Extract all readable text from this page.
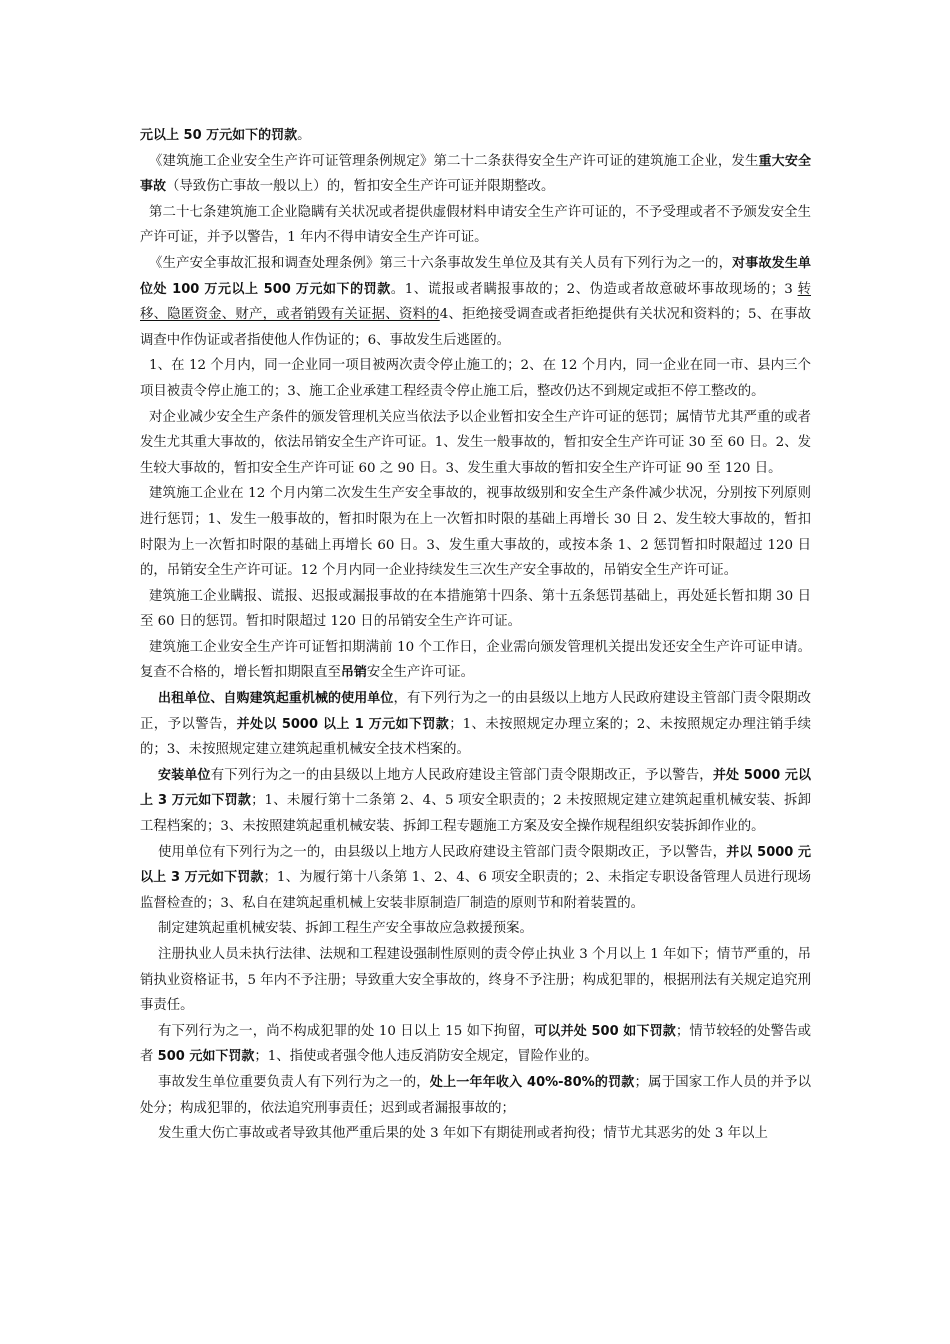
元以上 50 万元如下的罚款。

《建筑施工企业安全生产许可证管理条例规定》第二十二条获得安全生产许可证的建筑施工企业，发生重大安全事故（导致伤亡事故一般以上）的，暂扣安全生产许可证并限期整改。

第二十七条建筑施工企业隐瞒有关状况或者提供虚假材料申请安全生产许可证的，不予受理或者不予颁发安全生产许可证，并予以警告，1 年内不得申请安全生产许可证。

《生产安全事故汇报和调查处理条例》第三十六条事故发生单位及其有关人员有下列行为之一的，对事故发生单位处 100 万元以上 500 万元如下的罚款。1、谎报或者瞒报事故的；2、伪造或者故意破坏事故现场的；3 转移、隐匿资金、财产，或者销毁有关证据、资料的4、拒绝接受调查或者拒绝提供有关状况和资料的；5、在事故调查中作伪证或者指使他人作伪证的；6、事故发生后逃匿的。

1、在 12 个月内，同一企业同一项目被两次责令停止施工的；2、在 12 个月内，同一企业在同一市、县内三个项目被责令停止施工的；3、施工企业承建工程经责令停止施工后，整改仍达不到规定或拒不停工整改的。

对企业减少安全生产条件的颁发管理机关应当依法予以企业暂扣安全生产许可证的惩罚；属情节尤其严重的或者发生尤其重大事故的，依法吊销安全生产许可证。1、发生一般事故的，暂扣安全生产许可证 30 至 60 日。2、发生较大事故的，暂扣安全生产许可证 60 之 90 日。3、发生重大事故的暂扣安全生产许可证 90 至 120 日。

建筑施工企业在 12 个月内第二次发生生产安全事故的，视事故级别和安全生产条件减少状况，分别按下列原则进行惩罚；1、发生一般事故的，暂扣时限为在上一次暂扣时限的基础上再增长 30 日 2、发生较大事故的，暂扣时限为上一次暂扣时限的基础上再增长 60 日。3、发生重大事故的，或按本条 1、2 惩罚暂扣时限超过 120 日的，吊销安全生产许可证。12 个月内同一企业持续发生三次生产安全事故的，吊销安全生产许可证。

建筑施工企业瞒报、谎报、迟报或漏报事故的在本措施第十四条、第十五条惩罚基础上，再处延长暂扣期 30 日至 60 日的惩罚。暂扣时限超过 120 日的吊销安全生产许可证。

建筑施工企业安全生产许可证暂扣期满前 10 个工作日，企业需向颁发管理机关提出发还安全生产许可证申请。复查不合格的，增长暂扣期限直至吊销安全生产许可证。

出租单位、自购建筑起重机械的使用单位，有下列行为之一的由县级以上地方人民政府建设主管部门责令限期改正，予以警告，并处以 5000 以上 1 万元如下罚款；1、未按照规定办理立案的；2、未按照规定办理注销手续的；3、未按照规定建立建筑起重机械安全技术档案的。

安装单位有下列行为之一的由县级以上地方人民政府建设主管部门责令限期改正，予以警告，并处 5000 元以上 3 万元如下罚款；1、未履行第十二条第 2、4、5 项安全职责的；2 未按照规定建立建筑起重机械安装、拆卸工程档案的；3、未按照建筑起重机械安装、拆卸工程专题施工方案及安全操作规程组织安装拆卸作业的。

使用单位有下列行为之一的，由县级以上地方人民政府建设主管部门责令限期改正，予以警告，并以 5000 元以上 3 万元如下罚款；1、为履行第十八条第 1、2、4、6 项安全职责的；2、未指定专职设备管理人员进行现场监督检查的；3、私自在建筑起重机械上安装非原制造厂制造的原则节和附着装置的。

制定建筑起重机械安装、拆卸工程生产安全事故应急救援预案。

注册执业人员未执行法律、法规和工程建设强制性原则的责令停止执业 3 个月以上 1 年如下；情节严重的，吊销执业资格证书，5 年内不予注册；导致重大安全事故的，终身不予注册；构成犯罪的，根据刑法有关规定追究刑事责任。

有下列行为之一，尚不构成犯罪的处 10 日以上 15 如下拘留，可以并处 500 如下罚款；情节较轻的处警告或者 500 元如下罚款；1、指使或者强令他人违反消防安全规定，冒险作业的。

事故发生单位重要负责人有下列行为之一的，处上一年年收入 40%-80%的罚款；属于国家工作人员的并予以处分；构成犯罪的，依法追究刑事责任；迟到或者漏报事故的；

发生重大伤亡事故或者导致其他严重后果的处 3 年如下有期徒刑或者拘役；情节尤其恶劣的处 3 年以上
